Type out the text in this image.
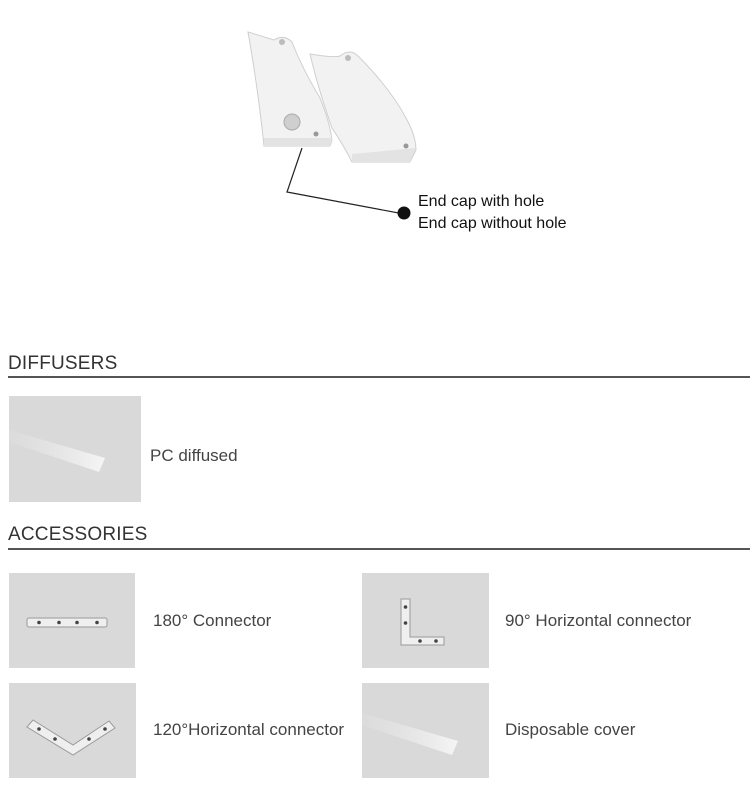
End cap with hole
End cap without hole
DIFFUSERS
PC diffused
ACCESSORIES
180° Connector	90° Horizontal connector
120°Horizontal connector	Disposable cover
